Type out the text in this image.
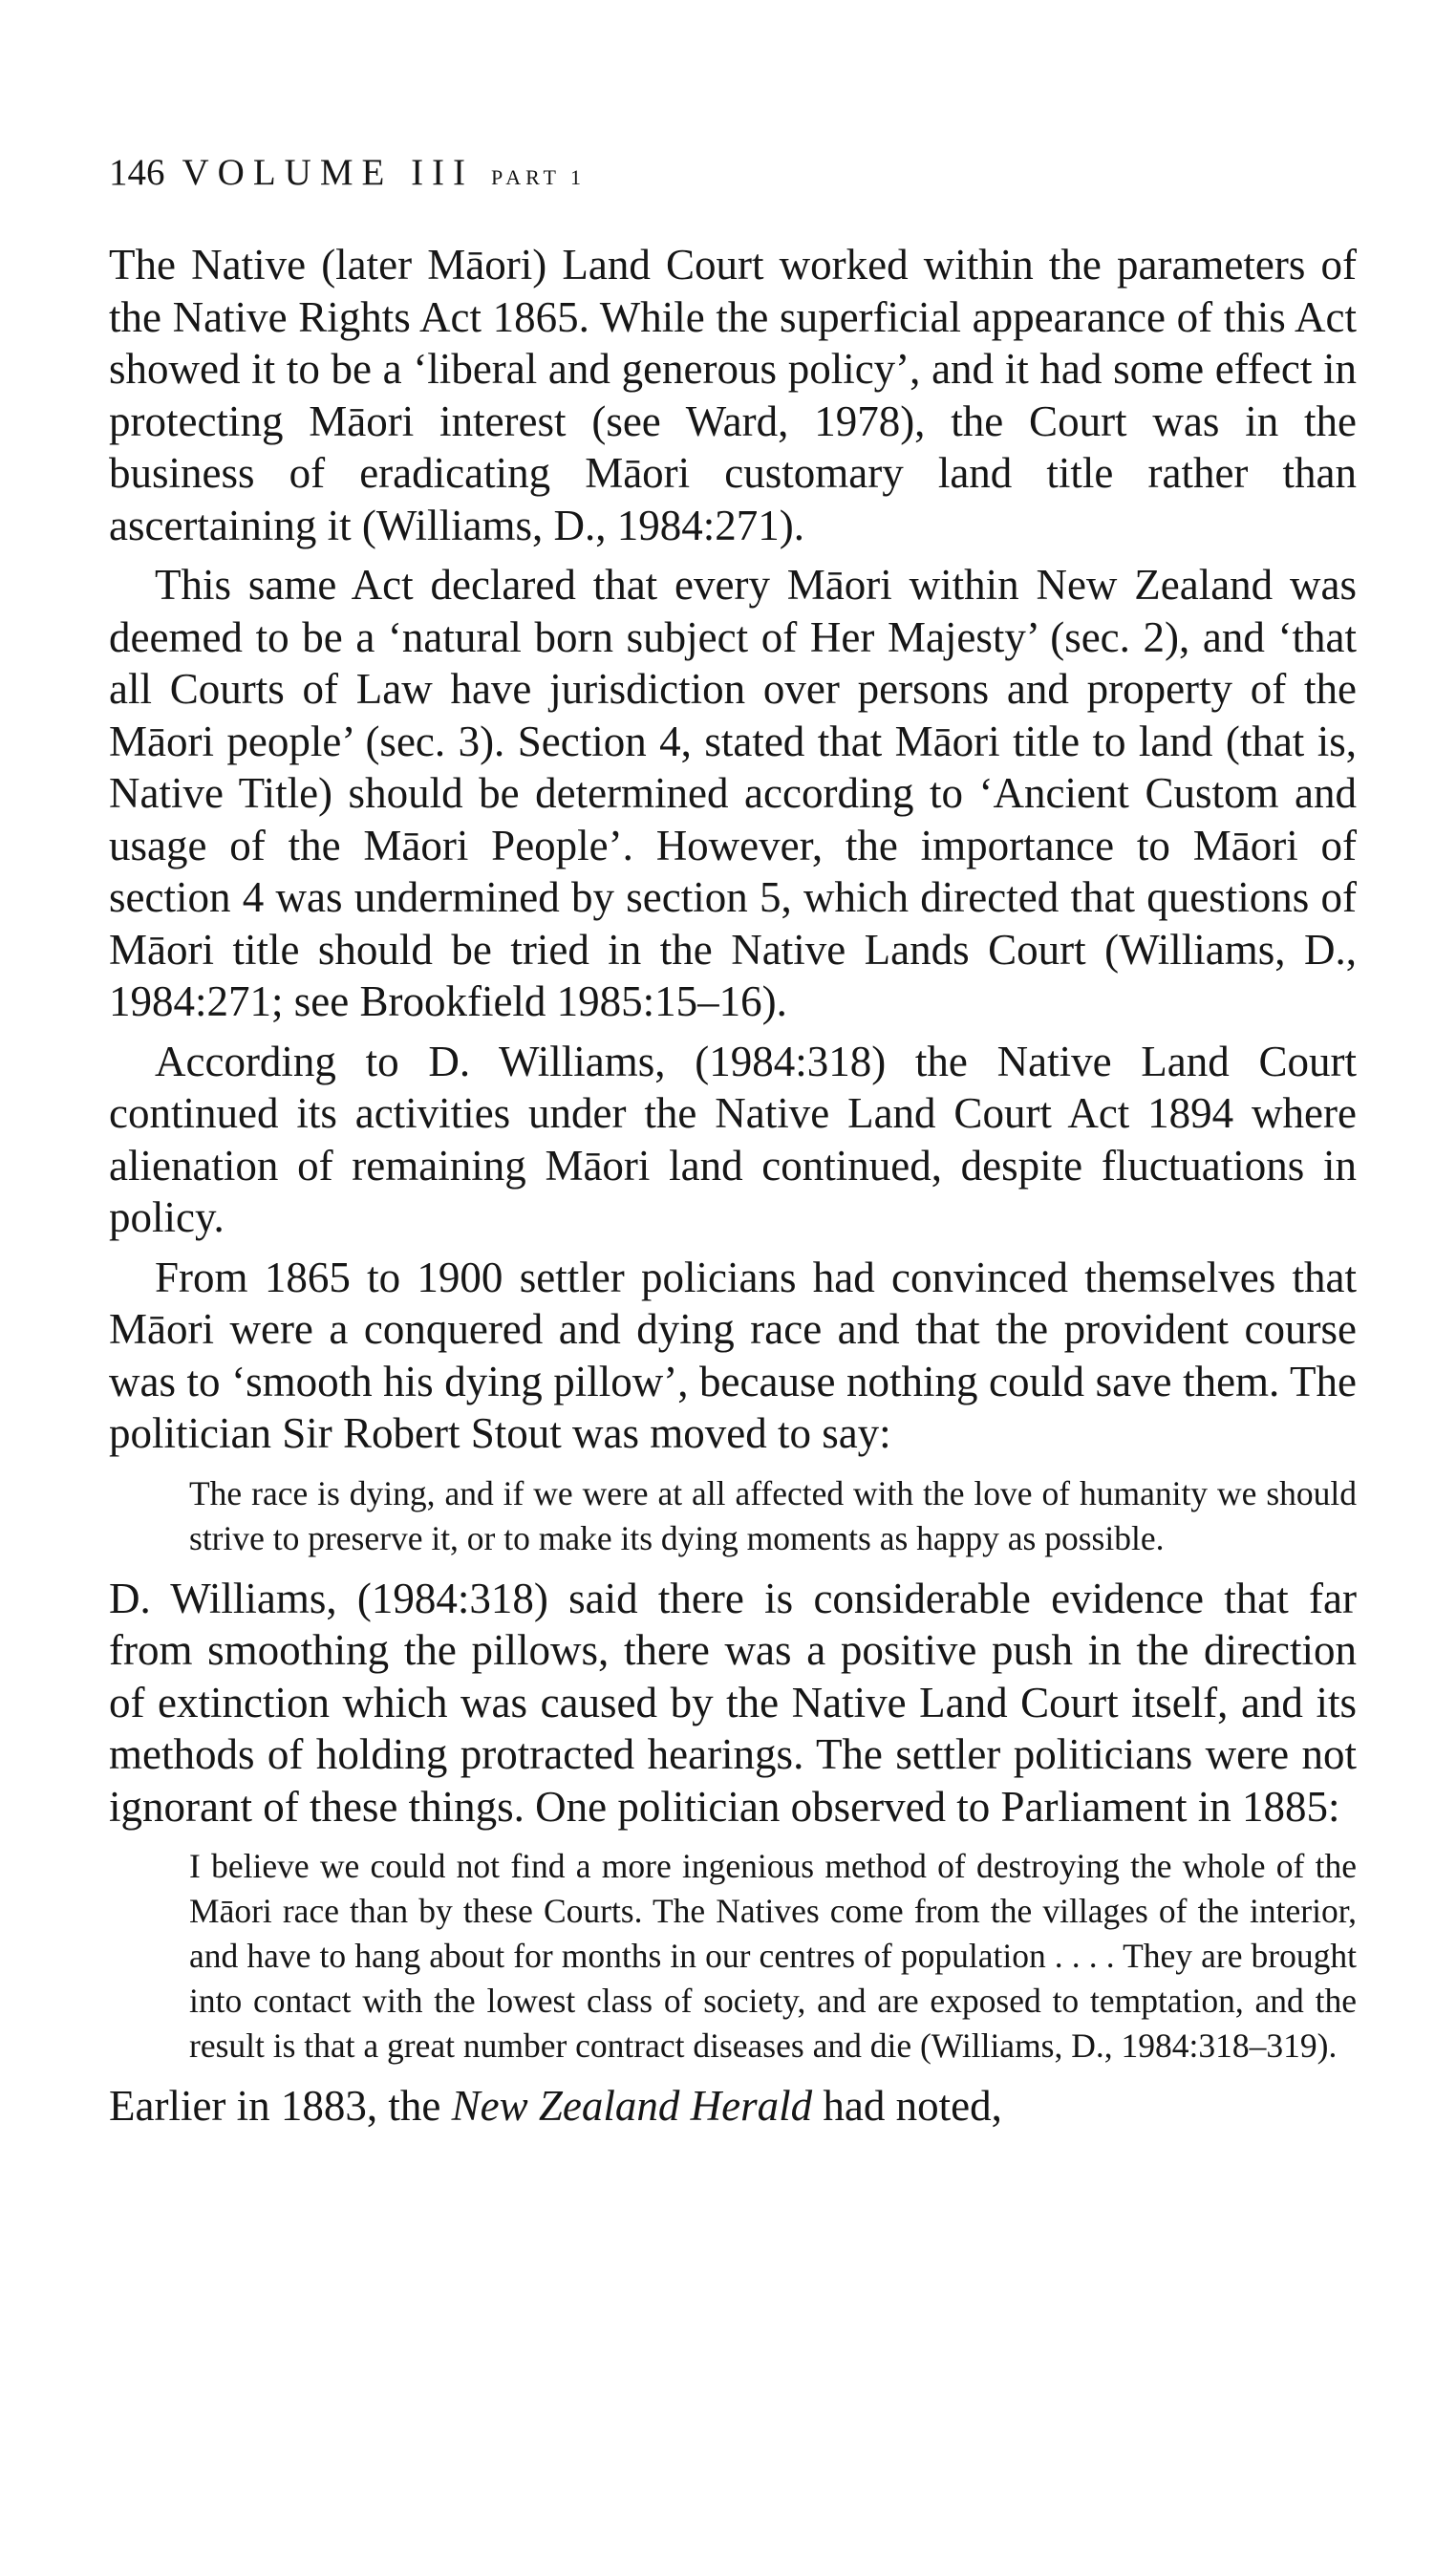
146 VOLUME III PART 1

The Native (later Māori) Land Court worked within the parameters of the Native Rights Act 1865. While the superficial appearance of this Act showed it to be a ‘liberal and generous policy’, and it had some effect in protecting Māori interest (see Ward, 1978), the Court was in the business of eradicating Māori customary land title rather than ascertaining it (Williams, D., 1984:271).

This same Act declared that every Māori within New Zealand was deemed to be a ‘natural born subject of Her Majesty’ (sec. 2), and ‘that all Courts of Law have jurisdiction over persons and property of the Māori people’ (sec. 3). Section 4, stated that Māori title to land (that is, Native Title) should be determined according to ‘Ancient Custom and usage of the Māori People’. However, the importance to Māori of section 4 was undermined by section 5, which directed that questions of Māori title should be tried in the Native Lands Court (Williams, D., 1984:271; see Brookfield 1985:15–16).

According to D. Williams, (1984:318) the Native Land Court continued its activities under the Native Land Court Act 1894 where alienation of remaining Māori land continued, despite fluctuations in policy.

From 1865 to 1900 settler policians had convinced themselves that Māori were a conquered and dying race and that the provident course was to ‘smooth his dying pillow’, because nothing could save them. The politician Sir Robert Stout was moved to say:

The race is dying, and if we were at all affected with the love of humanity we should strive to preserve it, or to make its dying moments as happy as possible.

D. Williams, (1984:318) said there is considerable evidence that far from smoothing the pillows, there was a positive push in the direction of extinction which was caused by the Native Land Court itself, and its methods of holding protracted hearings. The settler politicians were not ignorant of these things. One politician observed to Parliament in 1885:

I believe we could not find a more ingenious method of destroying the whole of the Māori race than by these Courts. The Natives come from the villages of the interior, and have to hang about for months in our centres of population . . . . They are brought into contact with the lowest class of society, and are exposed to temptation, and the result is that a great number contract diseases and die (Williams, D., 1984:318–319).

Earlier in 1883, the New Zealand Herald had noted,
